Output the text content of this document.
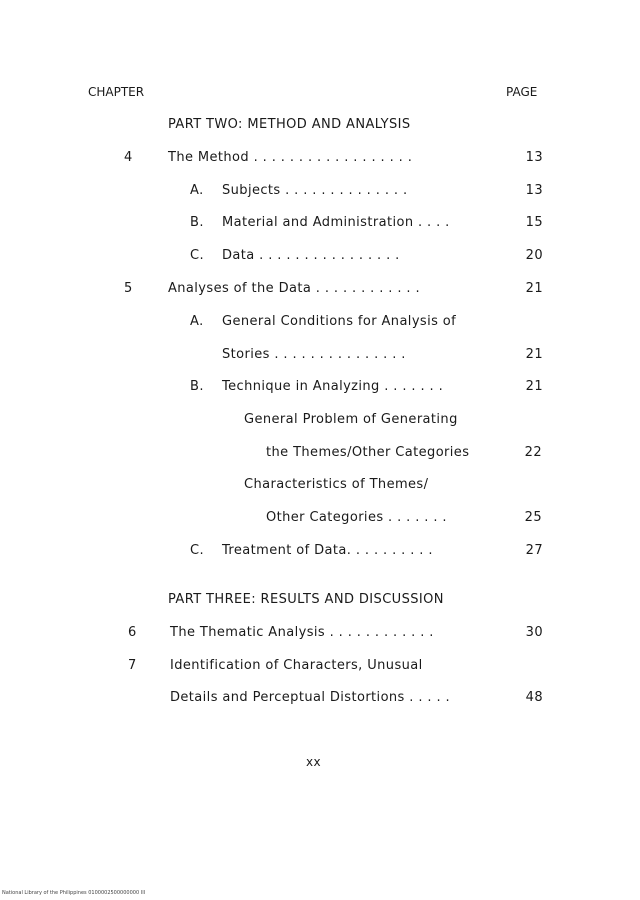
CHAPTER	PAGE
PART TWO: METHOD AND ANALYSIS
4	The Method . . . . . . . . . . . . . . . . . .	13
A. Subjects . . . . . . . . . . . . . .	13
B. Material and Administration . . . .	15
C. Data . . . . . . . . . . . . . . . .	20
5	Analyses of the Data . . . . . . . . . . . .	21
A. General Conditions for Analysis of
Stories . . . . . . . . . . . . . . .	21
B. Technique in Analyzing . . . . . . .	21
General Problem of Generating
the Themes/Other Categories	22
Characteristics of Themes/
Other Categories . . . . . . .	25
C. Treatment of Data. . . . . . . . . .	27
PART THREE: RESULTS AND DISCUSSION
6	The Thematic Analysis . . . . . . . . . . . .	30
7	Identification of Characters, Unusual
Details and Perceptual Distortions . . . . .	48
xx
National Library of the Philippines 0100002500000000 III
